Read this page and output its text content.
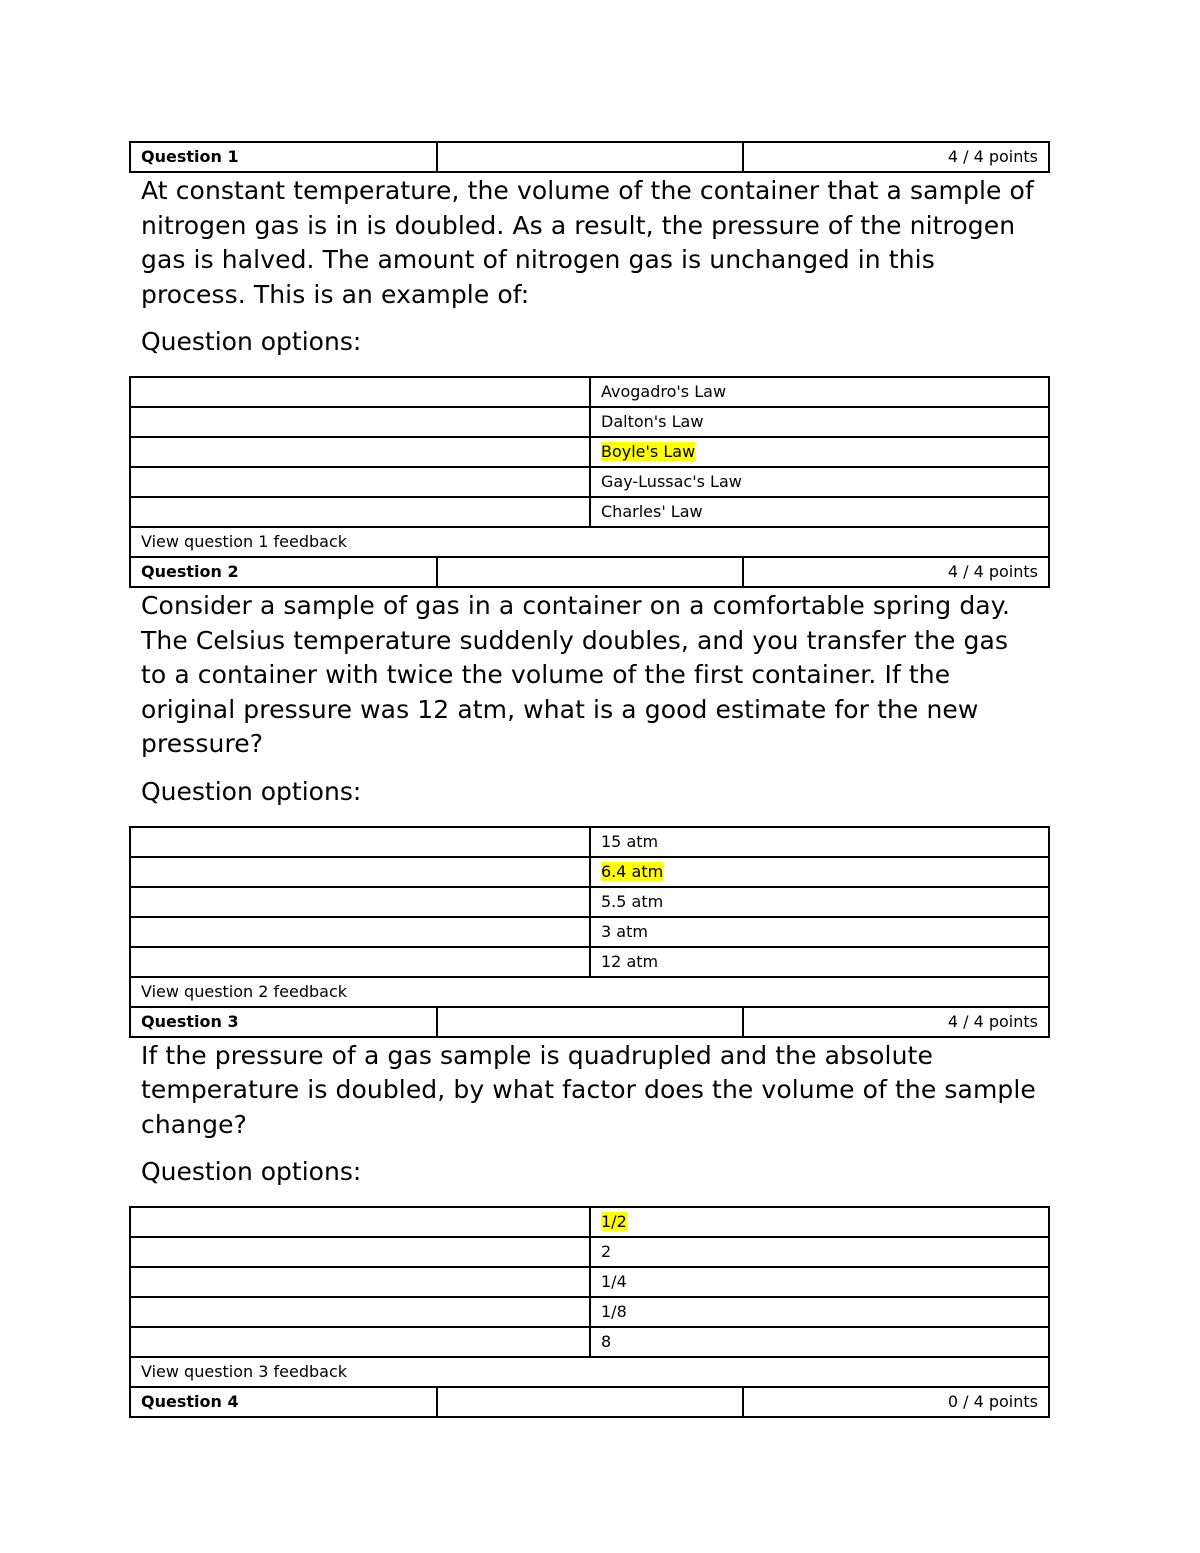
Question 1		4 / 4 points

At constant temperature, the volume of the container that a sample of nitrogen gas is in is doubled. As a result, the pressure of the nitrogen gas is halved. The amount of nitrogen gas is unchanged in this process. This is an example of:

Question options:

	Avogadro's Law
	Dalton's Law
	Boyle's Law
	Gay-Lussac's Law
	Charles' Law
View question 1 feedback	
Question 2		4 / 4 points

Consider a sample of gas in a container on a comfortable spring day. The Celsius temperature suddenly doubles, and you transfer the gas to a container with twice the volume of the first container. If the original pressure was 12 atm, what is a good estimate for the new pressure?

Question options:

	15 atm
	6.4 atm
	5.5 atm
	3 atm
	12 atm
View question 2 feedback	
Question 3		4 / 4 points

If the pressure of a gas sample is quadrupled and the absolute temperature is doubled, by what factor does the volume of the sample change?

Question options:

	1/2
	2
	1/4
	1/8
	8
View question 3 feedback	
Question 4		0 / 4 points
